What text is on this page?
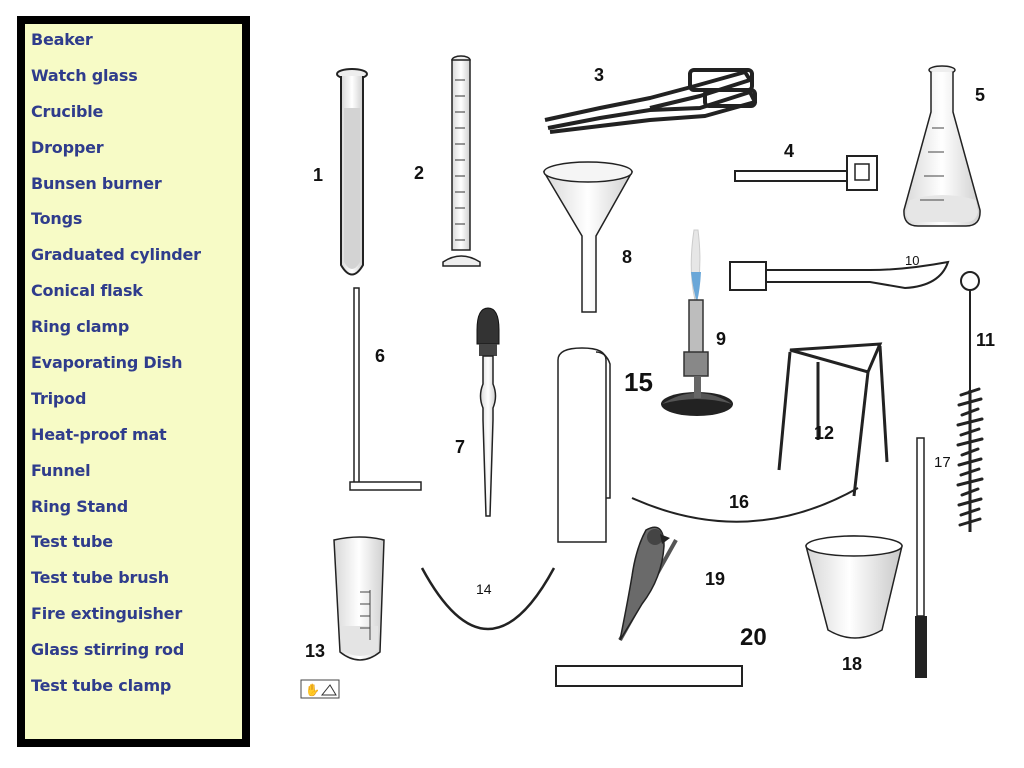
Beaker
Watch glass
Crucible
Dropper
Bunsen burner
Tongs
Graduated cylinder
Conical flask
Ring clamp
Evaporating Dish
Tripod
Heat-proof mat
Funnel
Ring Stand
Test tube
Test tube brush
Fire extinguisher
Glass stirring rod
Test tube clamp	✋
1	2
3
4
5
6
7
8
9
10
11
12
13
14
15
16
17
18
19
20
